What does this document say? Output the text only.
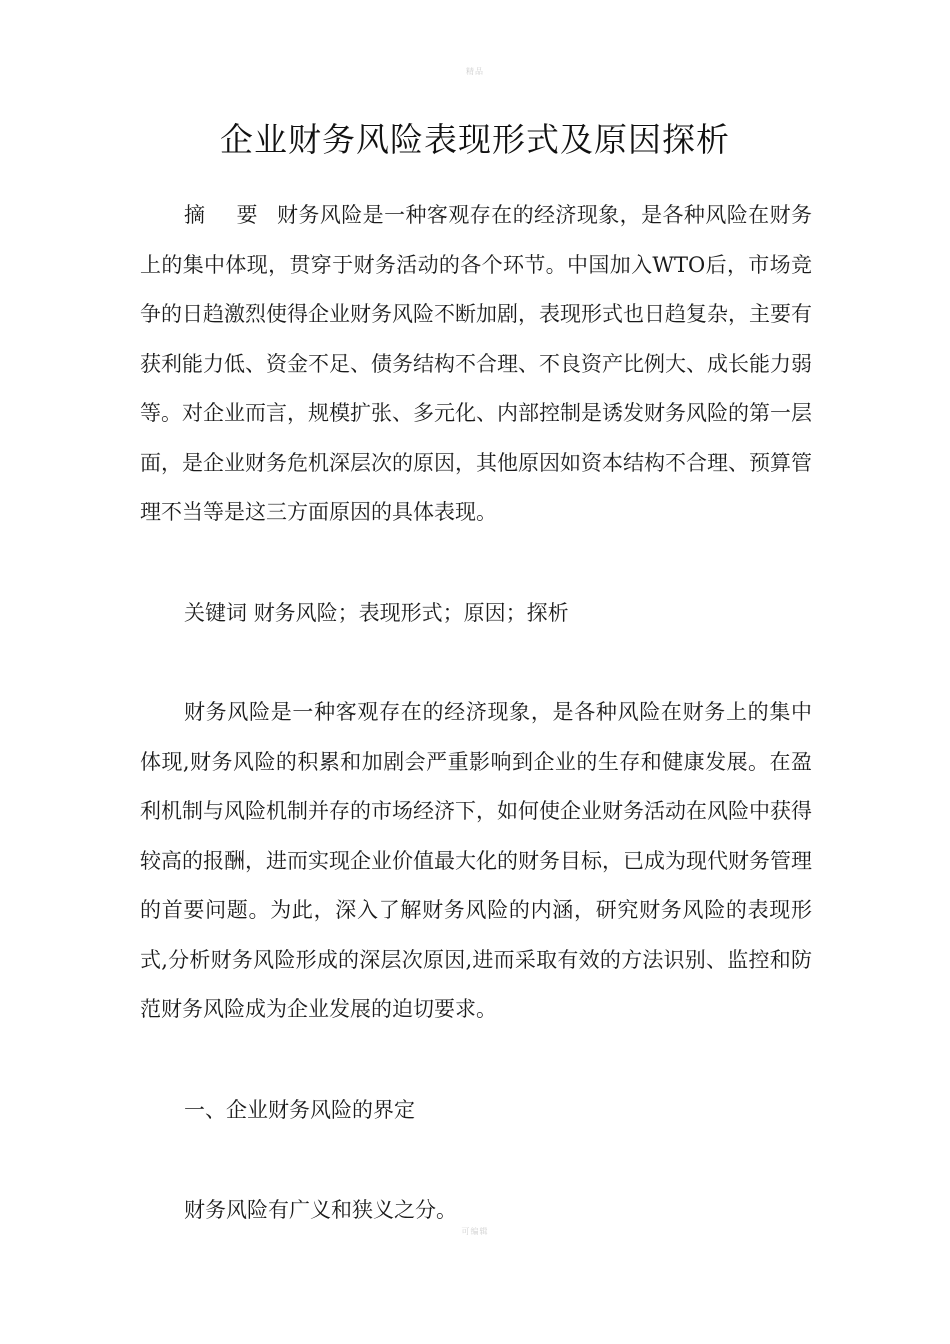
精品
企业财务风险表现形式及原因探析

摘 要 财务风险是一种客观存在的经济现象，是各种风险在财务上的集中体现，贯穿于财务活动的各个环节。中国加入WTO后，市场竞争的日趋激烈使得企业财务风险不断加剧，表现形式也日趋复杂，主要有获利能力低、资金不足、债务结构不合理、不良资产比例大、成长能力弱等。对企业而言，规模扩张、多元化、内部控制是诱发财务风险的第一层面，是企业财务危机深层次的原因，其他原因如资本结构不合理、预算管理不当等是这三方面原因的具体表现。

关键词 财务风险；表现形式；原因；探析

财务风险是一种客观存在的经济现象，是各种风险在财务上的集中体现,财务风险的积累和加剧会严重影响到企业的生存和健康发展。在盈利机制与风险机制并存的市场经济下，如何使企业财务活动在风险中获得较高的报酬，进而实现企业价值最大化的财务目标，已成为现代财务管理的首要问题。为此，深入了解财务风险的内涵，研究财务风险的表现形式,分析财务风险形成的深层次原因,进而采取有效的方法识别、监控和防范财务风险成为企业发展的迫切要求。

一、企业财务风险的界定

财务风险有广义和狭义之分。

可编辑
